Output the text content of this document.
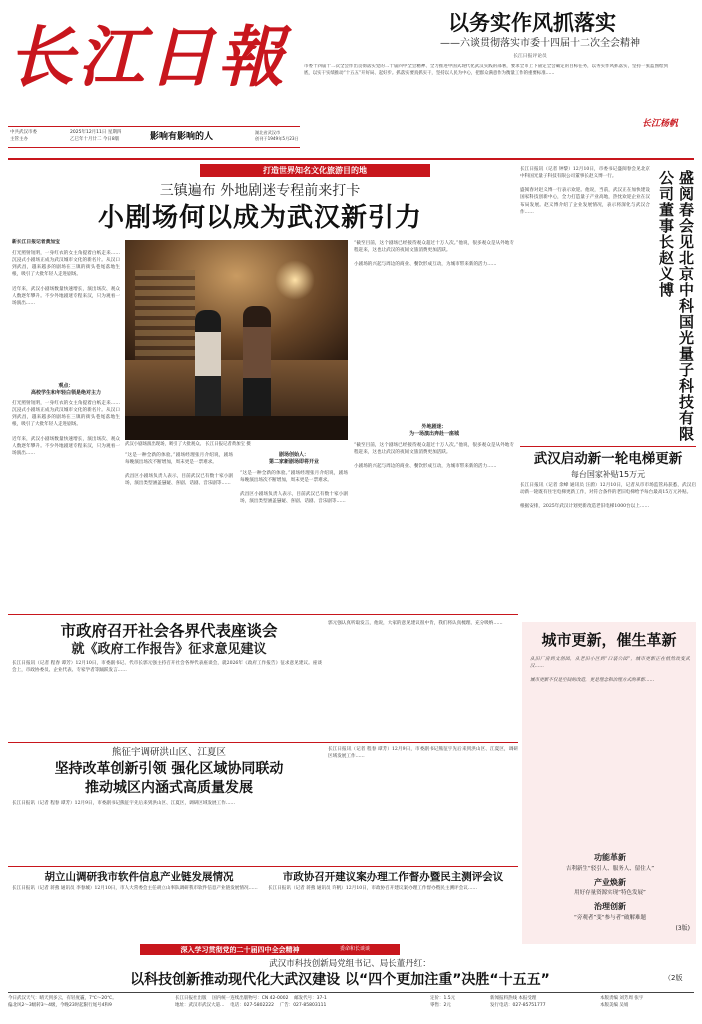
长江日報	以务实作风抓落实
——六谈贯彻落实市委十四届十二次全会精神
长江日报评论员
市委十四届十二次全会作出贯彻落实党的二十届四中全会精神、全力推进中国式现代化武汉实践的部署，要求全市上下锚定全会确定的目标任务，以务实作风抓落实，坚持一张蓝图绘到底，以实干实绩推动“十五五”开好局、起好步。抓落实要真抓实干，坚持以人民为中心，把群众满意作为衡量工作的重要标准……
长江杨帆
中共武汉市委
主管主办
2025年12月11日 星期四
乙巳年十月廿二 今日8版	影响有影响的人	湖北省武汉市
创刊于1949年5月23日
打造世界知名文化旅游目的地
三镇遍布 外地剧迷专程前来打卡
小剧场何以成为武汉新引力
新长江日报记者黄加宝
打光照射短明，一身红衣的女主角提着白纸走来……沉浸式小剧场正成为武汉城市文化的新名片。从汉口到武昌，越来越多的剧场在三镇的街头巷尾落地生根，吸引了大批年轻人走进剧场。

近年来，武汉小剧场数量快速增长，演出场次、观众人数逐年攀升。不少外地剧迷专程来汉，只为观看一场演出……
观点：
高校学生和年轻白领是绝对主力
打光照射短明，一身红衣的女主角提着白纸走来……沉浸式小剧场正成为武汉城市文化的新名片。从汉口到武昌，越来越多的剧场在三镇的街头巷尾落地生根，吸引了大批年轻人走进剧场。

近年来，武汉小剧场数量快速增长，演出场次、观众人数逐年攀升。不少外地剧迷专程来汉，只为观看一场演出……
武汉小剧场演出现场，吸引了大批观众。 长江日报记者黄加宝 摄
“这是一种全新的体验。”剧场经理张月介绍说，剧场每晚演出场次不断增加，周末更是一票难求。

武昌区小剧场负责人表示，目前武汉已有数十家小剧场，演出类型涵盖悬疑、喜剧、话剧、音乐剧等……
剧场创始人：
第二家新剧场即将开业
“这是一种全新的体验。”剧场经理张月介绍说，剧场每晚演出场次不断增加，周末更是一票难求。

武昌区小剧场负责人表示，目前武汉已有数十家小剧场，演出类型涵盖悬疑、喜剧、话剧、音乐剧等……
“截至目前，这个剧场已经接待观众超过十万人次。”他说，很多观众是从外地专程赶来，这也让武汉的夜间文旅消费更加活跃。

小剧场的兴起与周边的商业、餐饮形成互动，为城市带来新的活力……
外地剧迷：
为一场演出奔赴一座城
“截至目前，这个剧场已经接待观众超过十万人次。”他说，很多观众是从外地专程赶来，这也让武汉的夜间文旅消费更加活跃。

小剧场的兴起与周边的商业、餐饮形成互动，为城市带来新的活力……
长江日报讯（记者 钟黎）12月10日，市委书记盛阅春会见北京中科国光量子科技有限公司董事长赵义博一行。

盛阅春对赵义博一行表示欢迎。他说，当前，武汉正在加快建设国家科技创新中心，全力打造量子产业高地，热忱欢迎企业在汉布局发展。赵义博介绍了企业发展情况，表示将深化与武汉合作……	盛阅春会见北京中科国光量子科技有限公司董事长赵义博
武汉启动新一轮电梯更新
每台国家补贴15万元
长江日报讯（记者 余峰 通讯员 汪蔚）12月10日，记者从市市场监管局获悉，武汉启动新一轮既有住宅电梯更新工作，对符合条件的老旧电梯给予每台最高15万元补贴。

根据安排，2025年武汉计划更新改造老旧电梯1000台以上……
市政府召开社会各界代表座谈会
就《政府工作报告》征求意见建议
长江日报讯（记者 程春 谭芳）12月10日，市委副书记、代市长郭元强主持召开社会各界代表座谈会，就2026年《政府工作报告》征求意见建议。座谈会上，市政协委员、企业代表、专家学者等踊跃发言……
郭元强认真听取发言，他说，大家的意见建议很中肯，我们将认真梳理、充分吸纳……
熊征宇调研洪山区、江夏区
坚持改革创新引领 强化区域协同联动
推动城区内涵式高质量发展
长江日报讯（记者 程春 谭芳）12月9日，市委副书记熊征宇先后来到洪山区、江夏区，调研区域发展工作……
长江日报讯（记者 程春 谭芳）12月9日，市委副书记熊征宇先后来到洪山区、江夏区，调研区域发展工作……
城市更新，催生革新
从旧厂房到文创园，从老旧小区到“口袋公园”，城市更新正在悄然改变武汉……

城市更新不仅是空间的改造，更是理念和治理方式的革新……
功能革新
吉利新生“驳引人、服务人、留住人”
产业焕新
用好存量资源实现“特色发展”
治理创新
“旁观者”变“参与者”破解难题
(3版)
胡立山调研我市软件信息产业链发展情况
长江日报讯（记者 蒋燕 通讯员 李春城）12月10日，市人大常委会主任胡立山率队调研我市软件信息产业链发展情况……
市政协召开建议案办理工作督办暨民主测评会议
长江日报讯（记者 蒋燕 通讯员 许帆）12月10日，市政协召开建议案办理工作督办暨民主测评会议……
深入学习贯彻党的二十届四中全会精神	委命和长谈谈
武汉市科技创新局党组书记、局长董丹红：
以科技创新推动现代化大武汉建设 以“四个更加注重”决胜“十五五”	（2版
今日武汉天气：晴天到多云，有轻度霾，7℃～20℃。
偏北风2～3级转3～4级，今晚23时起限行尾号4和9
长江日报社出版    国内统一连续出版物号：CN 42-0002    邮发代号：37-1
地址：武汉市武汉大道…    电话：027-5802222    广告：027-85803111
定价：1.5元
零售：2元
新闻报料热线 本报受理
发行电话：027-85751777
本版责编 刘芳周 张宇
本版美编 吴娟
